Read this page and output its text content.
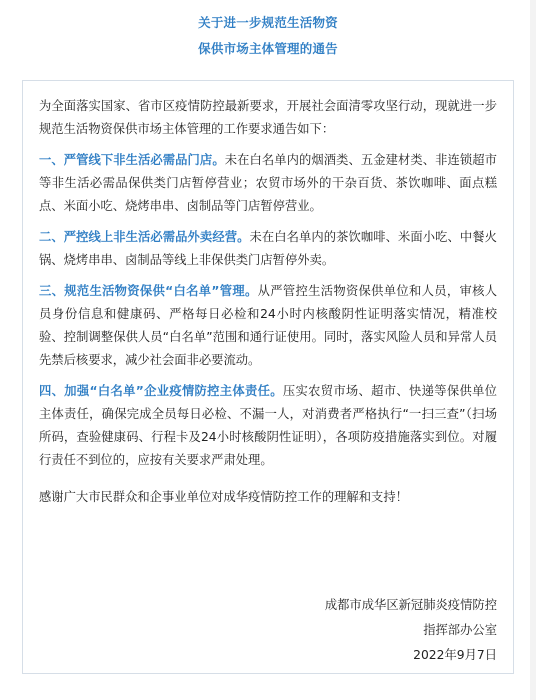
关于进一步规范生活物资
保供市场主体管理的通告

为全面落实国家、省市区疫情防控最新要求，开展社会面清零攻坚行动，现就进一步规范生活物资保供市场主体管理的工作要求通告如下：

一、严管线下非生活必需品门店。未在白名单内的烟酒类、五金建材类、非连锁超市等非生活必需品保供类门店暂停营业；农贸市场外的干杂百货、茶饮咖啡、面点糕点、米面小吃、烧烤串串、卤制品等门店暂停营业。

二、严控线上非生活必需品外卖经营。未在白名单内的茶饮咖啡、米面小吃、中餐火锅、烧烤串串、卤制品等线上非保供类门店暂停外卖。

三、规范生活物资保供“白名单”管理。从严管控生活物资保供单位和人员，审核人员身份信息和健康码、严格每日必检和24小时内核酸阴性证明落实情况，精准校验、控制调整保供人员“白名单”范围和通行证使用。同时，落实风险人员和异常人员先禁后核要求，减少社会面非必要流动。

四、加强“白名单”企业疫情防控主体责任。压实农贸市场、超市、快递等保供单位主体责任，确保完成全员每日必检、不漏一人，对消费者严格执行“一扫三查”（扫场所码，查验健康码、行程卡及24小时核酸阴性证明），各项防疫措施落实到位。对履行责任不到位的，应按有关要求严肃处理。

感谢广大市民群众和企事业单位对成华疫情防控工作的理解和支持！

成都市成华区新冠肺炎疫情防控
指挥部办公室
2022年9月7日
